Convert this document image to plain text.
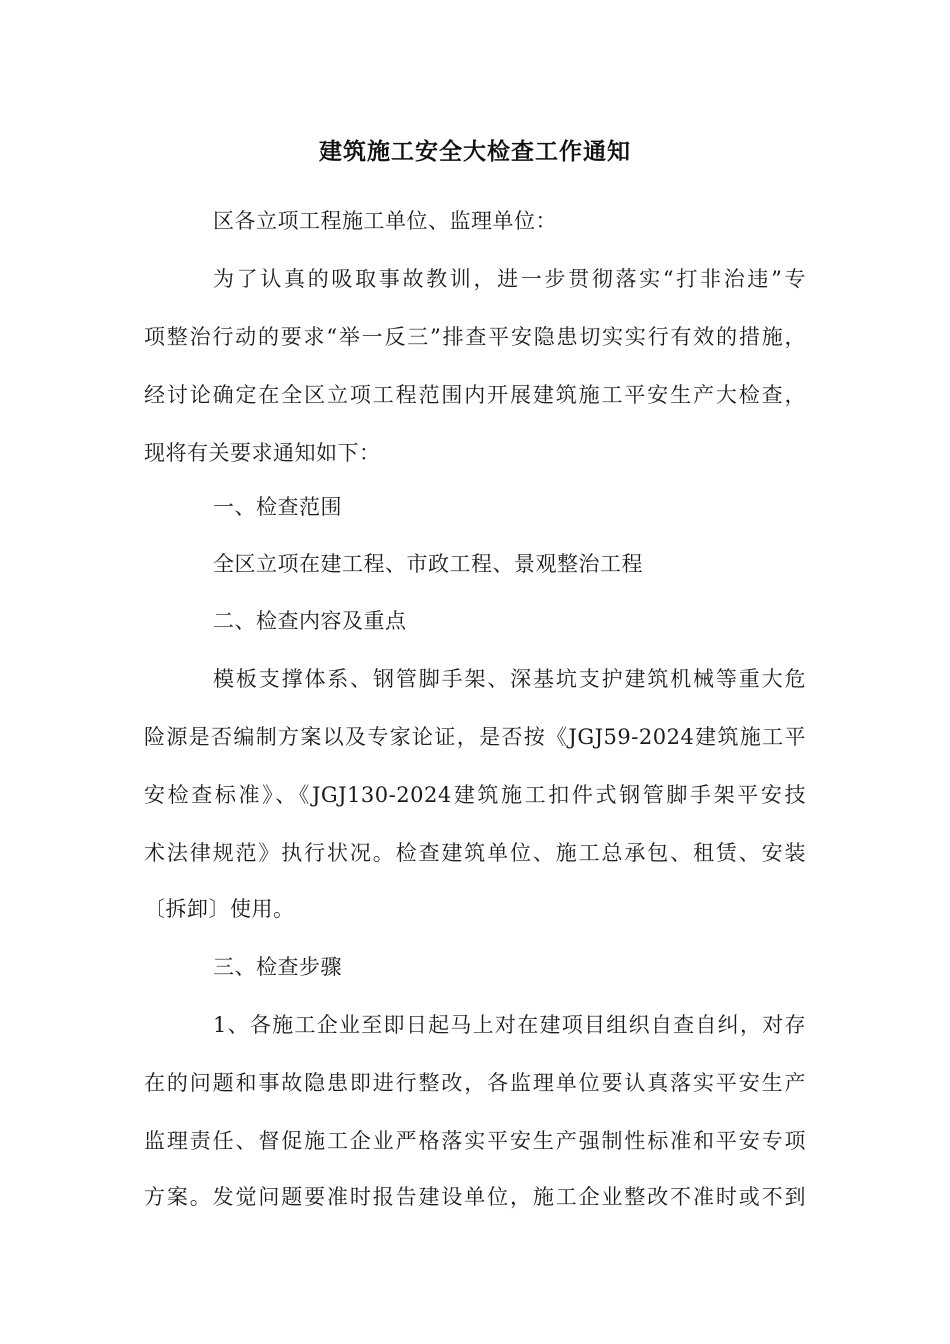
建筑施工安全大检查工作通知
区各立项工程施工单位、监理单位：
为了认真的吸取事故教训，进一步贯彻落实“打非治违”专
项整治行动的要求“举一反三”排查平安隐患切实实行有效的措施，
经讨论确定在全区立项工程范围内开展建筑施工平安生产大检查，
现将有关要求通知如下：
一、检查范围
全区立项在建工程、市政工程、景观整治工程
二、检查内容及重点
模板支撑体系、钢管脚手架、深基坑支护建筑机械等重大危
险源是否编制方案以及专家论证，是否按《JGJ59-2024建筑施工平
安检查标准》、《JGJ130-2024建筑施工扣件式钢管脚手架平安技
术法律规范》执行状况。检查建筑单位、施工总承包、租赁、安装
〔拆卸〕使用。
三、检查步骤
1、各施工企业至即日起马上对在建项目组织自查自纠，对存
在的问题和事故隐患即进行整改，各监理单位要认真落实平安生产
监理责任、督促施工企业严格落实平安生产强制性标准和平安专项
方案。发觉问题要准时报告建设单位，施工企业整改不准时或不到
